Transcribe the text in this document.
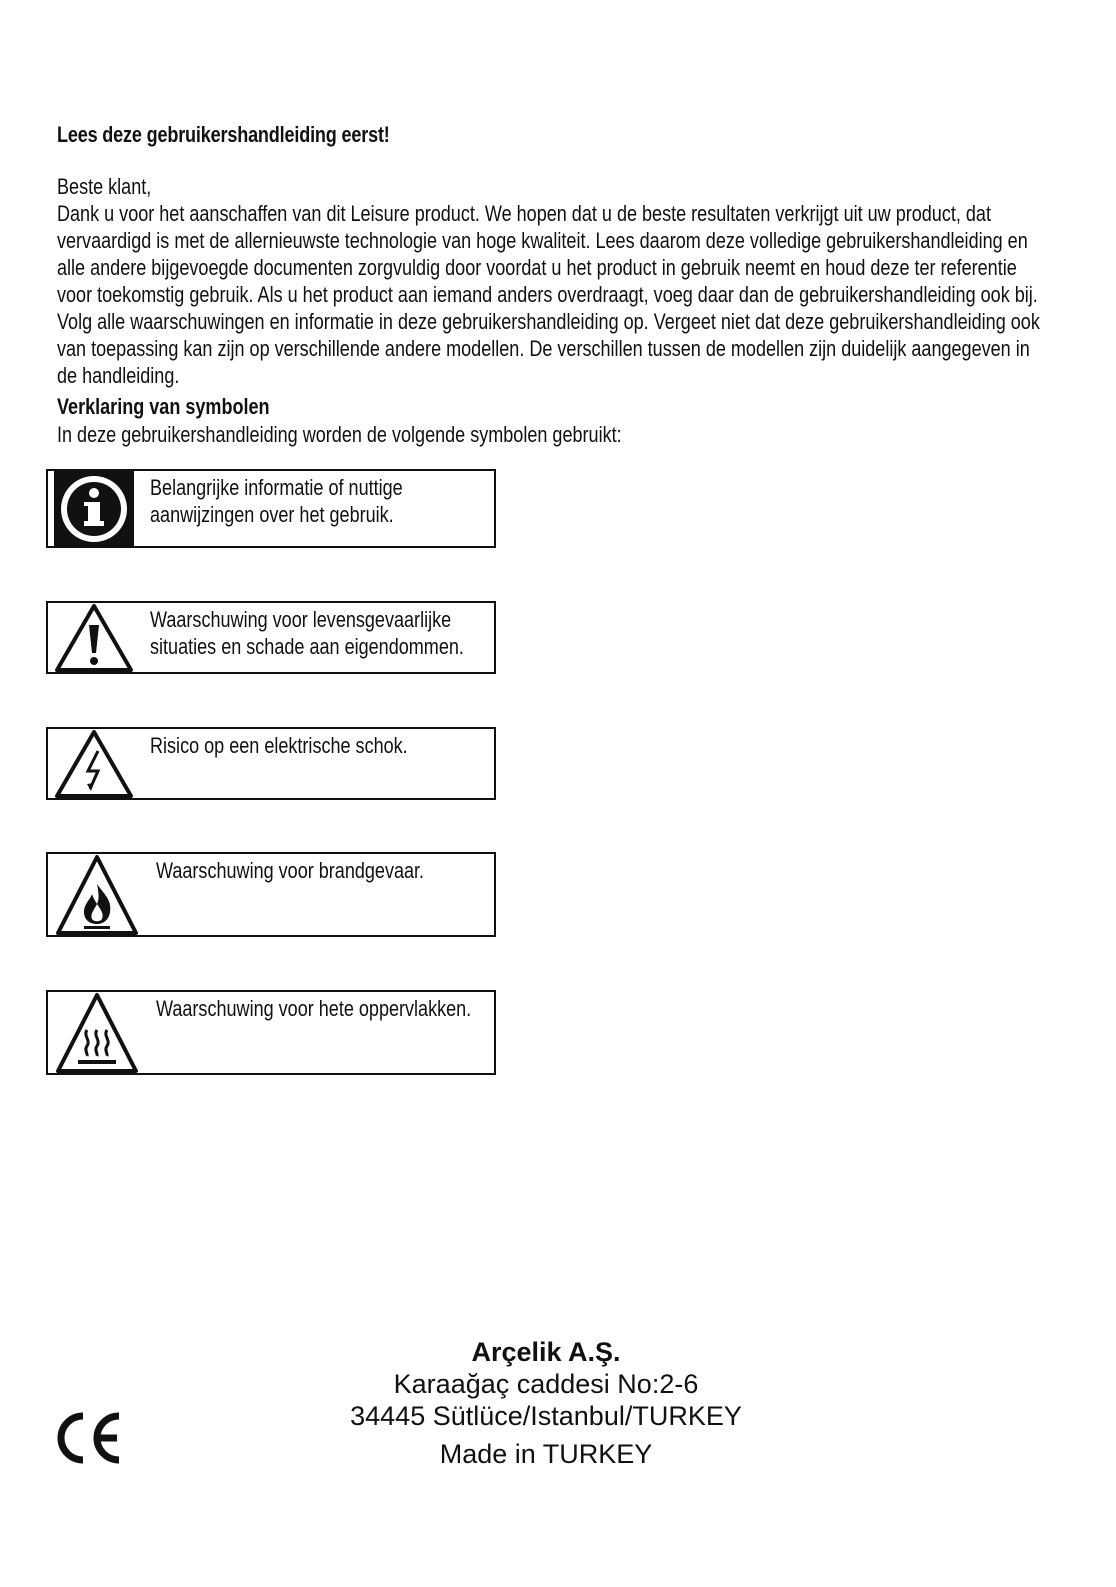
Lees deze gebruikershandleiding eerst!

Beste klant,

Dank u voor het aanschaffen van dit Leisure product. We hopen dat u de beste resultaten verkrijgt uit uw product, dat vervaardigd is met de allernieuwste technologie van hoge kwaliteit. Lees daarom deze volledige gebruikershandleiding en alle andere bijgevoegde documenten zorgvuldig door voordat u het product in gebruik neemt en houd deze ter referentie voor toekomstig gebruik. Als u het product aan iemand anders overdraagt, voeg daar dan de gebruikershandleiding ook bij. Volg alle waarschuwingen en informatie in deze gebruikershandleiding op. Vergeet niet dat deze gebruikershandleiding ook van toepassing kan zijn op verschillende andere modellen. De verschillen tussen de modellen zijn duidelijk aangegeven in de handleiding.

Verklaring van symbolen
In deze gebruikershandleiding worden de volgende symbolen gebruikt:
Belangrijke informatie of nuttige aanwijzingen over het gebruik.
Waarschuwing voor levensgevaarlijke situaties en schade aan eigendommen.
Risico op een elektrische schok.
Waarschuwing voor brandgevaar.
Waarschuwing voor hete oppervlakken.
Arçelik A.Ş.
Karaağaç caddesi No:2-6
34445 Sütlüce/Istanbul/TURKEY
Made in TURKEY
